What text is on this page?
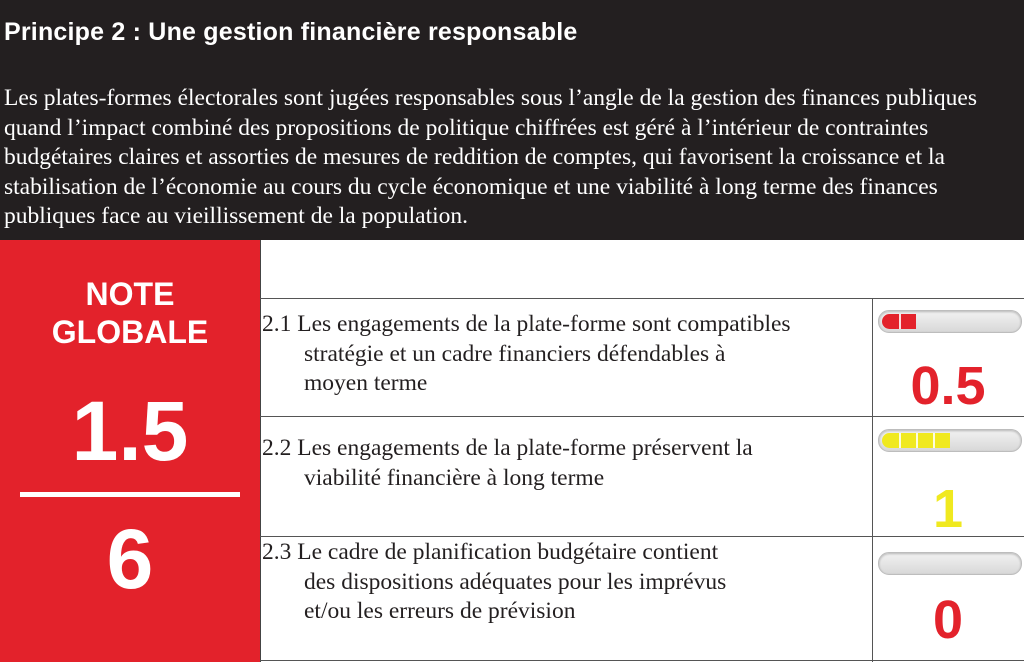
Principe 2 : Une gestion financière responsable
Les plates-formes électorales sont jugées responsables sous l’angle de la gestion des finances publiques quand l’impact combiné des propositions de politique chiffrées est géré à l’intérieur de contraintes budgétaires claires et assorties de mesures de reddition de comptes, qui favorisent la croissance et la stabilisation de l’économie au cours du cycle économique et une viabilité à long terme des finances publiques face au vieillissement de la population.
NOTE
GLOBALE
1.5
6
2.1 Les engagements de la plate-forme sont compatibles
stratégie et un cadre financiers défendables à
moyen terme	0.5
2.2 Les engagements de la plate-forme préservent la
viabilité financière à long terme
1
2.3 Le cadre de planification budgétaire contient
des dispositions adéquates pour les imprévus
et/ou les erreurs de prévision	0
